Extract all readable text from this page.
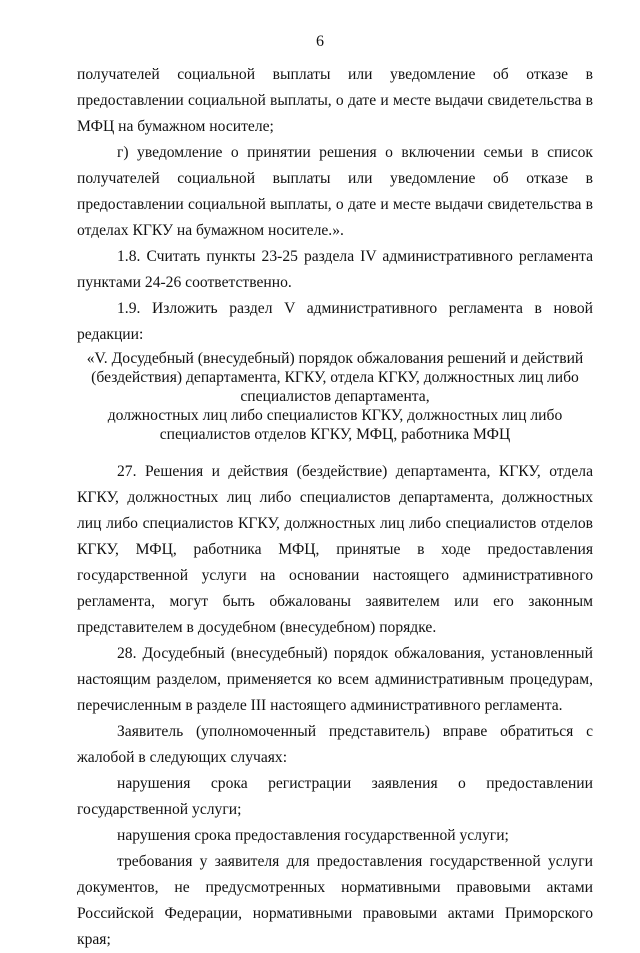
6

получателей социальной выплаты или уведомление об отказе в предоставлении социальной выплаты, о дате и месте выдачи свидетельства в МФЦ на бумажном носителе;

г) уведомление о принятии решения о включении семьи в список получателей социальной выплаты или уведомление об отказе в предоставлении социальной выплаты, о дате и месте выдачи свидетельства в отделах КГКУ на бумажном носителе.».

1.8. Считать пункты 23-25 раздела IV административного регламента пунктами 24-26 соответственно.

1.9. Изложить раздел V административного регламента в новой редакции:

«V. Досудебный (внесудебный) порядок обжалования решений и действий
(бездействия) департамента, КГКУ, отдела КГКУ, должностных лиц либо
специалистов департамента,
должностных лиц либо специалистов КГКУ, должностных лиц либо
специалистов отделов КГКУ, МФЦ, работника МФЦ

27. Решения и действия (бездействие) департамента, КГКУ, отдела КГКУ, должностных лиц либо специалистов департамента, должностных лиц либо специалистов КГКУ, должностных лиц либо специалистов отделов КГКУ, МФЦ, работника МФЦ, принятые в ходе предоставления государственной услуги на основании настоящего административного регламента, могут быть обжалованы заявителем или его законным представителем в досудебном (внесудебном) порядке.

28. Досудебный (внесудебный) порядок обжалования, установленный настоящим разделом, применяется ко всем административным процедурам, перечисленным в разделе III настоящего административного регламента.

Заявитель (уполномоченный представитель) вправе обратиться с жалобой в следующих случаях:

нарушения срока регистрации заявления о предоставлении государственной услуги;

нарушения срока предоставления государственной услуги;

требования у заявителя для предоставления государственной услуги документов, не предусмотренных нормативными правовыми актами Российской Федерации, нормативными правовыми актами Приморского края;
